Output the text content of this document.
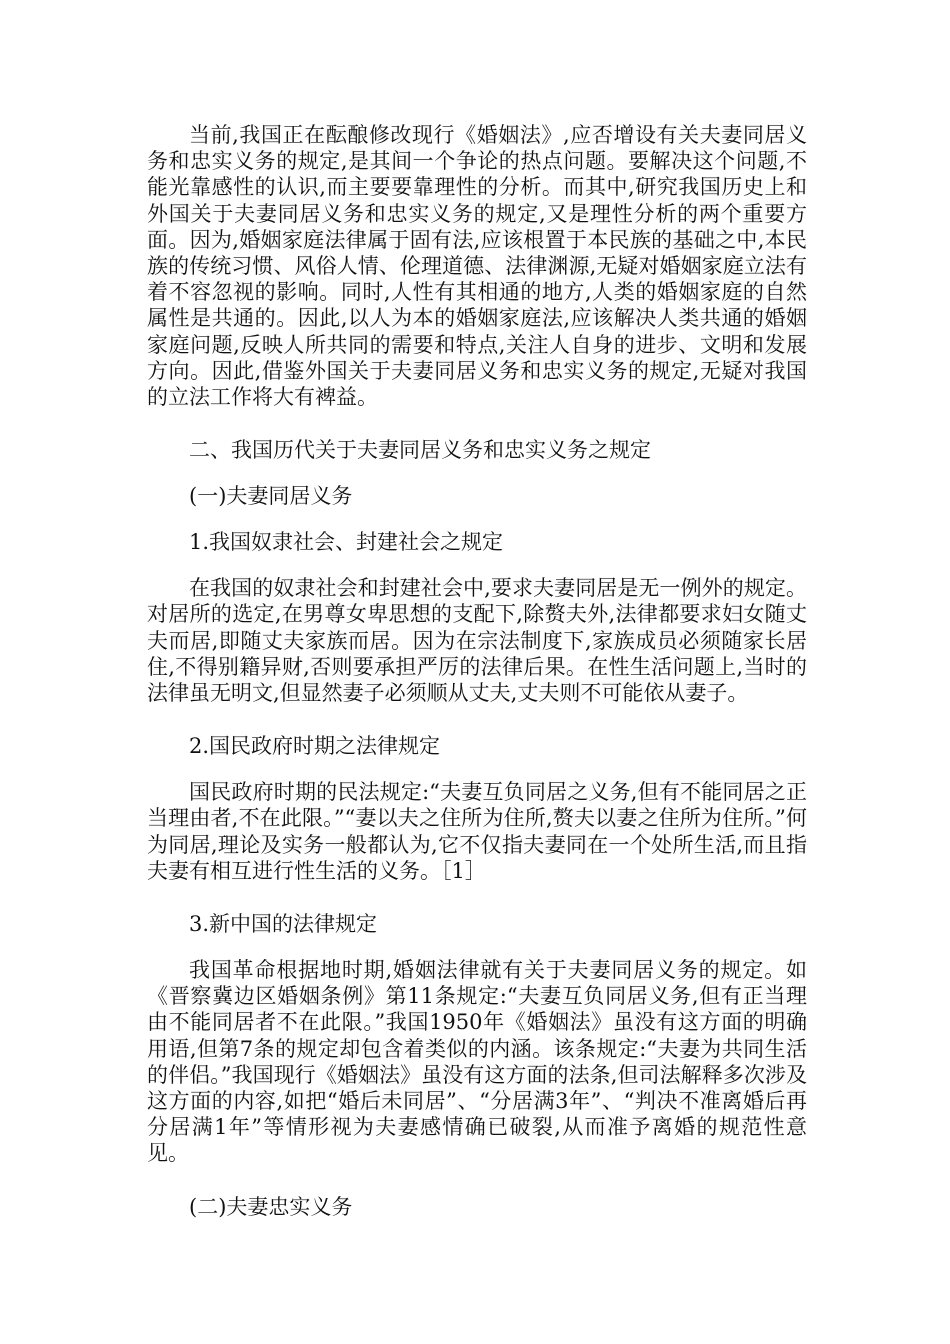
当前,我国正在酝酿修改现行《婚姻法》,应否增设有关夫妻同居义务和忠实义务的规定,是其间一个争论的热点问题。要解决这个问题,不能光靠感性的认识,而主要要靠理性的分析。而其中,研究我国历史上和外国关于夫妻同居义务和忠实义务的规定,又是理性分析的两个重要方面。因为,婚姻家庭法律属于固有法,应该根置于本民族的基础之中,本民族的传统习惯、风俗人情、伦理道德、法律渊源,无疑对婚姻家庭立法有着不容忽视的影响。同时,人性有其相通的地方,人类的婚姻家庭的自然属性是共通的。因此,以人为本的婚姻家庭法,应该解决人类共通的婚姻家庭问题,反映人所共同的需要和特点,关注人自身的进步、文明和发展方向。因此,借鉴外国关于夫妻同居义务和忠实义务的规定,无疑对我国的立法工作将大有裨益。

二、我国历代关于夫妻同居义务和忠实义务之规定

(一)夫妻同居义务

1.我国奴隶社会、封建社会之规定

在我国的奴隶社会和封建社会中,要求夫妻同居是无一例外的规定。对居所的选定,在男尊女卑思想的支配下,除赘夫外,法律都要求妇女随丈夫而居,即随丈夫家族而居。因为在宗法制度下,家族成员必须随家长居住,不得别籍异财,否则要承担严厉的法律后果。在性生活问题上,当时的法律虽无明文,但显然妻子必须顺从丈夫,丈夫则不可能依从妻子。

2.国民政府时期之法律规定

国民政府时期的民法规定:“夫妻互负同居之义务,但有不能同居之正当理由者,不在此限。”“妻以夫之住所为住所,赘夫以妻之住所为住所。”何为同居,理论及实务一般都认为,它不仅指夫妻同在一个处所生活,而且指夫妻有相互进行性生活的义务。［1］

3.新中国的法律规定

我国革命根据地时期,婚姻法律就有关于夫妻同居义务的规定。如《晋察冀边区婚姻条例》第11条规定:“夫妻互负同居义务,但有正当理由不能同居者不在此限。”我国1950年《婚姻法》虽没有这方面的明确用语,但第7条的规定却包含着类似的内涵。该条规定:“夫妻为共同生活的伴侣。”我国现行《婚姻法》虽没有这方面的法条,但司法解释多次涉及这方面的内容,如把“婚后未同居”、“分居满3年”、“判决不准离婚后再分居满1年”等情形视为夫妻感情确已破裂,从而准予离婚的规范性意见。

(二)夫妻忠实义务
